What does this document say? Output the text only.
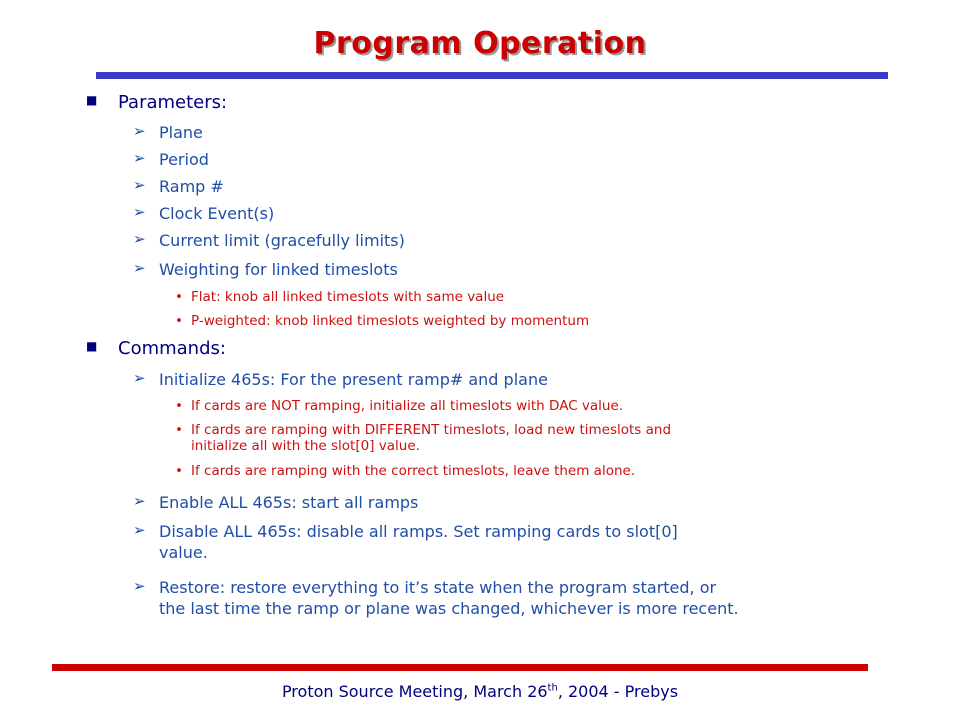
Program Operation
■ Parameters:
➢ Plane
➢ Period
➢ Ramp #
➢ Clock Event(s)
➢ Current limit (gracefully limits)
➢ Weighting for linked timeslots
• Flat: knob all linked timeslots with same value
• P-weighted: knob linked timeslots weighted by momentum
■ Commands:
➢ Initialize 465s: For the present ramp# and plane
• If cards are NOT ramping, initialize all timeslots with DAC value.
• If cards are ramping with DIFFERENT timeslots, load new timeslots and
initialize all with the slot[0] value.
• If cards are ramping with the correct timeslots, leave them alone.
➢ Enable ALL 465s: start all ramps
➢ Disable ALL 465s: disable all ramps. Set ramping cards to slot[0]
value.
➢ Restore: restore everything to it’s state when the program started, or
the last time the ramp or plane was changed, whichever is more recent.
Proton Source Meeting, March 26th, 2004 - Prebys
